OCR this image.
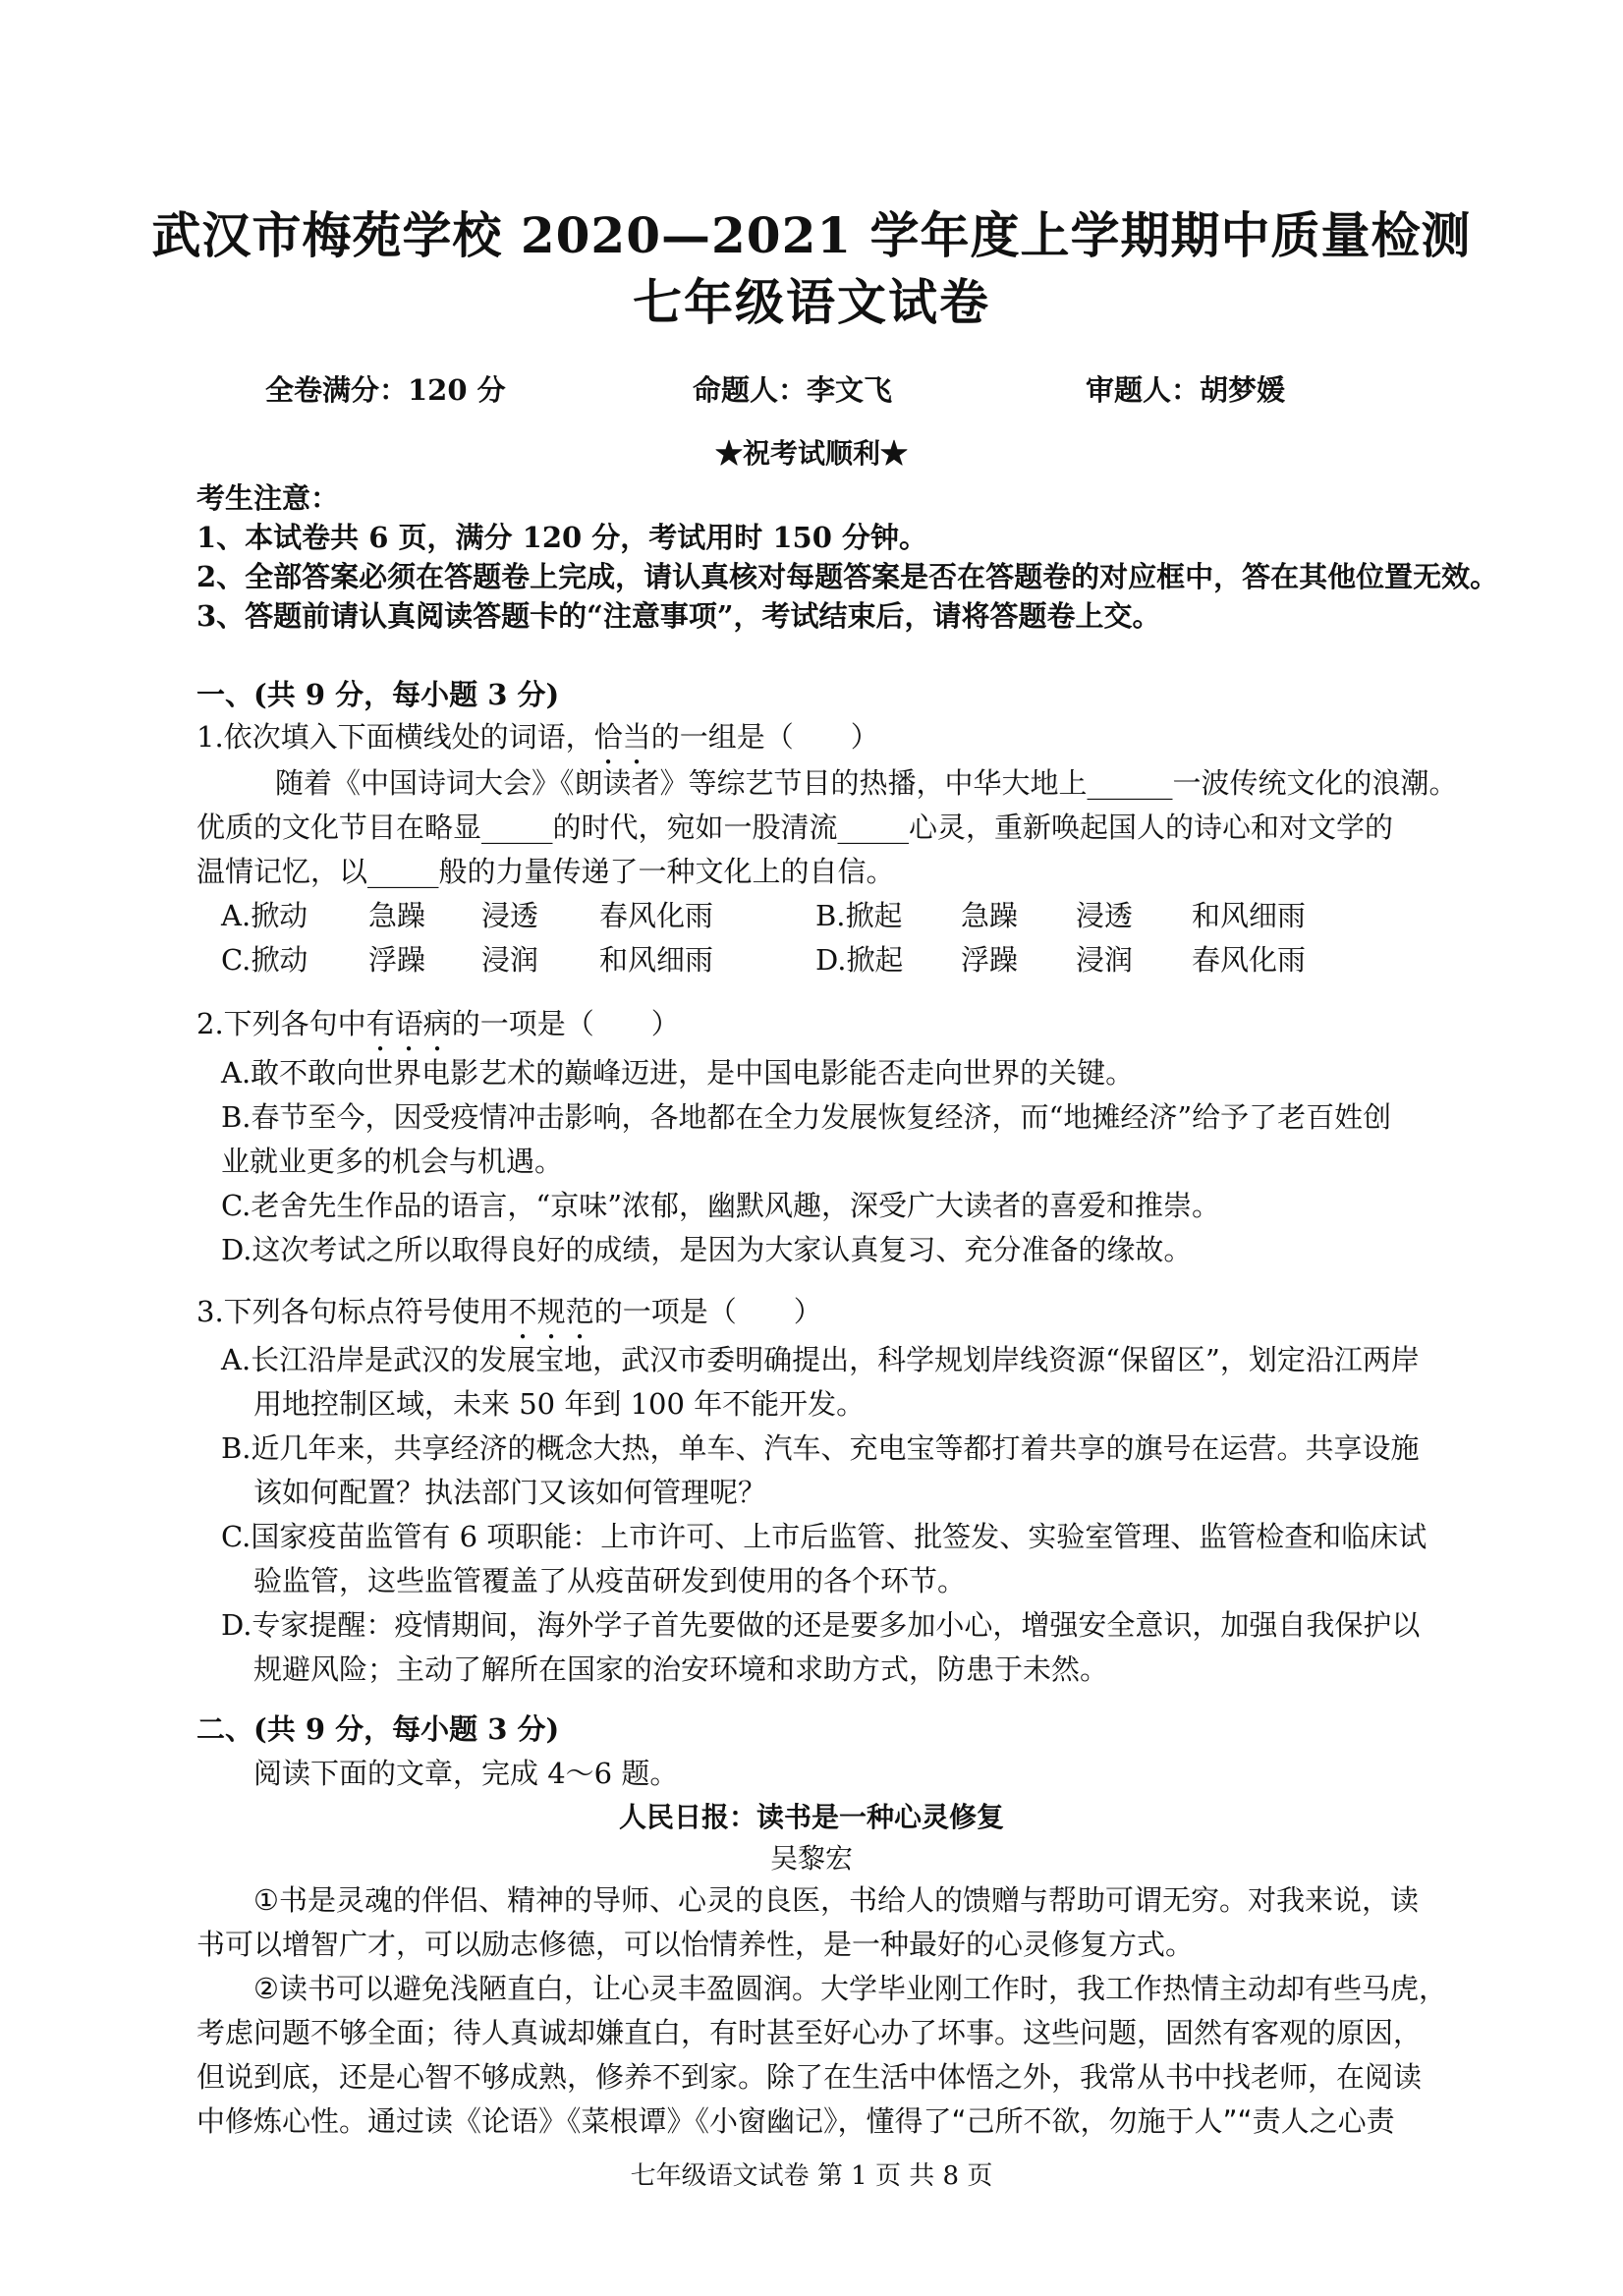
武汉市梅苑学校 2020—2021 学年度上学期期中质量检测
七年级语文试卷
全卷满分：120 分	命题人：李文飞	审题人：胡梦媛
★祝考试顺利★
考生注意：
1、本试卷共 6 页，满分 120 分，考试用时 150 分钟。
2、全部答案必须在答题卷上完成，请认真核对每题答案是否在答题卷的对应框中，答在其他位置无效。
3、答题前请认真阅读答题卡的“注意事项”，考试结束后，请将答题卷上交。
一、(共 9 分，每小题 3 分)
1.依次填入下面横线处的词语，恰当的一组是（　　）
随着《中国诗词大会》《朗读者》等综艺节目的热播，中华大地上______一波传统文化的浪潮。
优质的文化节目在略显_____的时代，宛如一股清流_____心灵，重新唤起国人的诗心和对文学的
温情记忆，以_____般的力量传递了一种文化上的自信。
A.掀动 急躁 浸透 春风化雨	B.掀起 急躁 浸透 和风细雨
C.掀动 浮躁 浸润 和风细雨	D.掀起 浮躁 浸润 春风化雨
2.下列各句中有语病的一项是（　　）
A.敢不敢向世界电影艺术的巅峰迈进，是中国电影能否走向世界的关键。
B.春节至今，因受疫情冲击影响，各地都在全力发展恢复经济，而“地摊经济”给予了老百姓创
业就业更多的机会与机遇。
C.老舍先生作品的语言，“京味”浓郁，幽默风趣，深受广大读者的喜爱和推崇。
D.这次考试之所以取得良好的成绩，是因为大家认真复习、充分准备的缘故。
3.下列各句标点符号使用不规范的一项是（　　）
A.长江沿岸是武汉的发展宝地，武汉市委明确提出，科学规划岸线资源“保留区”，划定沿江两岸
用地控制区域，未来 50 年到 100 年不能开发。
B.近几年来，共享经济的概念大热，单车、汽车、充电宝等都打着共享的旗号在运营。共享设施
该如何配置？执法部门又该如何管理呢？
C.国家疫苗监管有 6 项职能：上市许可、上市后监管、批签发、实验室管理、监管检查和临床试
验监管，这些监管覆盖了从疫苗研发到使用的各个环节。
D.专家提醒：疫情期间，海外学子首先要做的还是要多加小心，增强安全意识，加强自我保护以
规避风险；主动了解所在国家的治安环境和求助方式，防患于未然。
二、(共 9 分，每小题 3 分)
阅读下面的文章，完成 4～6 题。
人民日报：读书是一种心灵修复
吴黎宏
①书是灵魂的伴侣、精神的导师、心灵的良医，书给人的馈赠与帮助可谓无穷。对我来说，读
书可以增智广才，可以励志修德，可以怡情养性，是一种最好的心灵修复方式。
②读书可以避免浅陋直白，让心灵丰盈圆润。大学毕业刚工作时，我工作热情主动却有些马虎，
考虑问题不够全面；待人真诚却嫌直白，有时甚至好心办了坏事。这些问题，固然有客观的原因，
但说到底，还是心智不够成熟，修养不到家。除了在生活中体悟之外，我常从书中找老师，在阅读
中修炼心性。通过读《论语》《菜根谭》《小窗幽记》，懂得了“己所不欲，勿施于人”“责人之心责
七年级语文试卷 第 1 页 共 8 页
